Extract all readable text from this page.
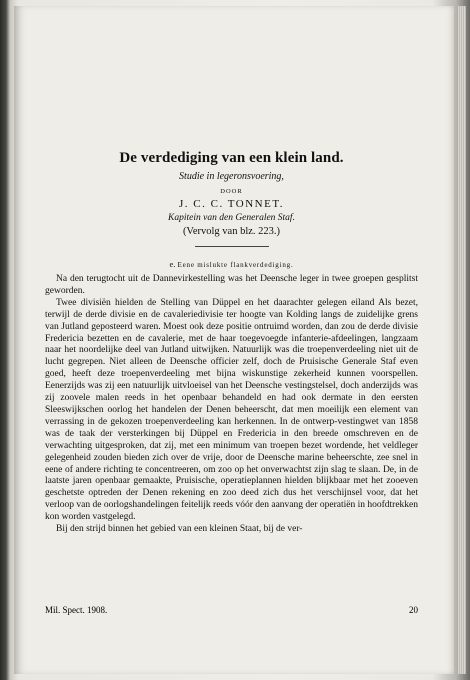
De verdediging van een klein land.
Studie in legeronsvoering,
DOOR
J. C. C. TONNET.
Kapitein van den Generalen Staf.
(Vervolg van blz. 223.)
e. Eene mislukte flankverdediging.

Na den terugtocht uit de Dannevirkestelling was het Deensche leger in twee groepen gesplitst geworden.

Twee divisiën hielden de Stelling van Düppel en het daarachter gelegen eiland Als bezet, terwijl de derde divisie en de cavaleriedivisie ter hoogte van Kolding langs de zuidelijke grens van Jutland geposteerd waren. Moest ook deze positie ontruimd worden, dan zou de derde divisie Fredericia bezetten en de cavalerie, met de haar toegevoegde infanterie-afdeelingen, langzaam naar het noordelijke deel van Jutland uitwijken. Natuurlijk was die troepenverdeeling niet uit de lucht gegrepen. Niet alleen de Deensche officier zelf, doch de Pruisische Generale Staf even goed, heeft deze troepenverdeeling met bijna wiskunstige zekerheid kunnen voorspellen. Eenerzijds was zij een natuurlijk uitvloeisel van het Deensche vestingstelsel, doch anderzijds was zij zoovele malen reeds in het openbaar behandeld en had ook dermate in den eersten Sleeswijkschen oorlog het handelen der Denen beheerscht, dat men moeilijk een element van verrassing in de gekozen troepenverdeeling kan herkennen. In de ontwerp-vestingwet van 1858 was de taak der versterkingen bij Düppel en Fredericia in den breede omschreven en de verwachting uitgesproken, dat zij, met een minimum van troepen bezet wordende, het veldleger gelegenheid zouden bieden zich over de vrije, door de Deensche marine beheerschte, zee snel in eene of andere richting te concentreeren, om zoo op het onverwachtst zijn slag te slaan. De, in de laatste jaren openbaar gemaakte, Pruisische, operatieplannen hielden blijkbaar met het zooeven geschetste optreden der Denen rekening en zoo deed zich dus het verschijnsel voor, dat het verloop van de oorlogshandelingen feitelijk reeds vóór den aanvang der operatiën in hoofdtrekken kon worden vastgelegd.

Bij den strijd binnen het gebied van een kleinen Staat, bij de ver-

Mil. Spect. 1908.	20
